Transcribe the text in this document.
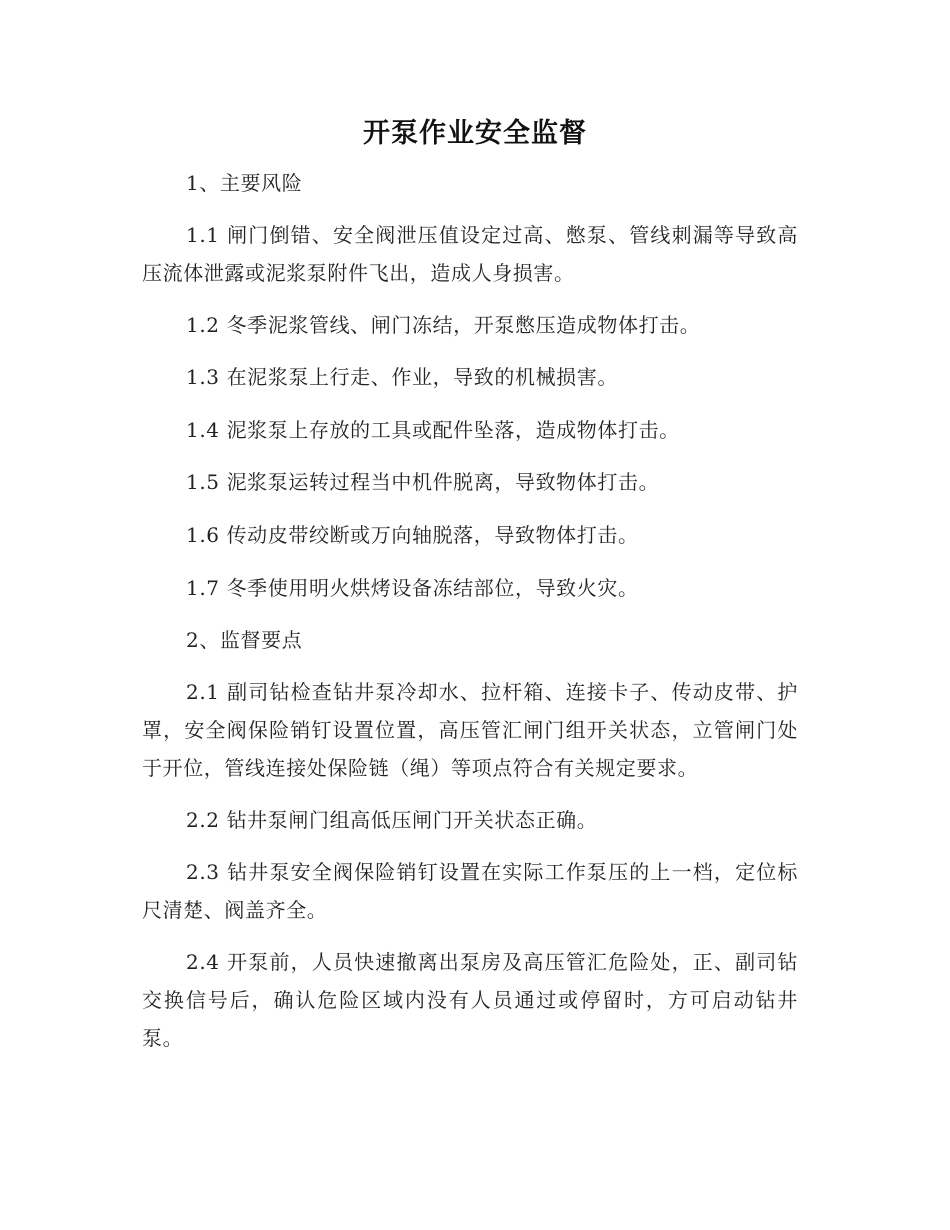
开泵作业安全监督

1、主要风险

1.1 闸门倒错、安全阀泄压值设定过高、憋泵、管线刺漏等导致高压流体泄露或泥浆泵附件飞出，造成人身损害。

1.2 冬季泥浆管线、闸门冻结，开泵憋压造成物体打击。

1.3 在泥浆泵上行走、作业，导致的机械损害。

1.4 泥浆泵上存放的工具或配件坠落，造成物体打击。

1.5 泥浆泵运转过程当中机件脱离，导致物体打击。

1.6 传动皮带绞断或万向轴脱落，导致物体打击。

1.7 冬季使用明火烘烤设备冻结部位，导致火灾。

2、监督要点

2.1 副司钻检查钻井泵冷却水、拉杆箱、连接卡子、传动皮带、护罩，安全阀保险销钉设置位置，高压管汇闸门组开关状态，立管闸门处于开位，管线连接处保险链（绳）等项点符合有关规定要求。

2.2 钻井泵闸门组高低压闸门开关状态正确。

2.3 钻井泵安全阀保险销钉设置在实际工作泵压的上一档，定位标尺清楚、阀盖齐全。

2.4 开泵前，人员快速撤离出泵房及高压管汇危险处，正、副司钻交换信号后，确认危险区域内没有人员通过或停留时，方可启动钻井泵。
